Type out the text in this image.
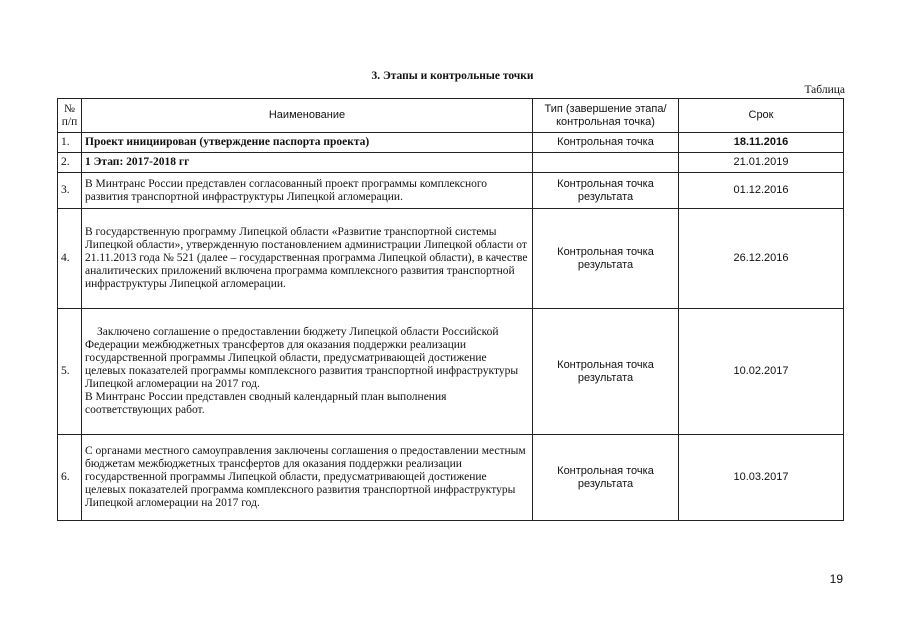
3. Этапы и контрольные точки
Таблица
№ п/п	Наименование	Тип (завершение этапа/контрольная точка)	Срок
1.	Проект инициирован (утверждение паспорта проекта)	Контрольная точка	18.11.2016
2.	1 Этап: 2017-2018 гг		21.01.2019
3.	В Минтранс России представлен согласованный проект программы комплексного развития транспортной инфраструктуры Липецкой агломерации.	Контрольная точка результата	01.12.2016
4.	В государственную программу Липецкой области «Развитие транспортной системы Липецкой области», утвержденную постановлением администрации Липецкой области от 21.11.2013 года № 521 (далее – государственная программа Липецкой области), в качестве аналитических приложений включена программа комплексного развития транспортной инфраструктуры Липецкой агломерации.	Контрольная точка результата	26.12.2016
5.	Заключено соглашение о предоставлении бюджету Липецкой области Российской Федерации межбюджетных трансфертов для оказания поддержки реализации государственной программы Липецкой области, предусматривающей достижение целевых показателей программы комплексного развития транспортной инфраструктуры Липецкой агломерации на 2017 год.
В Минтранс России представлен сводный календарный план выполнения соответствующих работ.	Контрольная точка результата	10.02.2017
6.	С органами местного самоуправления заключены соглашения о предоставлении местным бюджетам межбюджетных трансфертов для оказания поддержки реализации государственной программы Липецкой области, предусматривающей достижение целевых показателей программа комплексного развития транспортной инфраструктуры Липецкой агломерации на 2017 год.	Контрольная точка результата	10.03.2017
19
